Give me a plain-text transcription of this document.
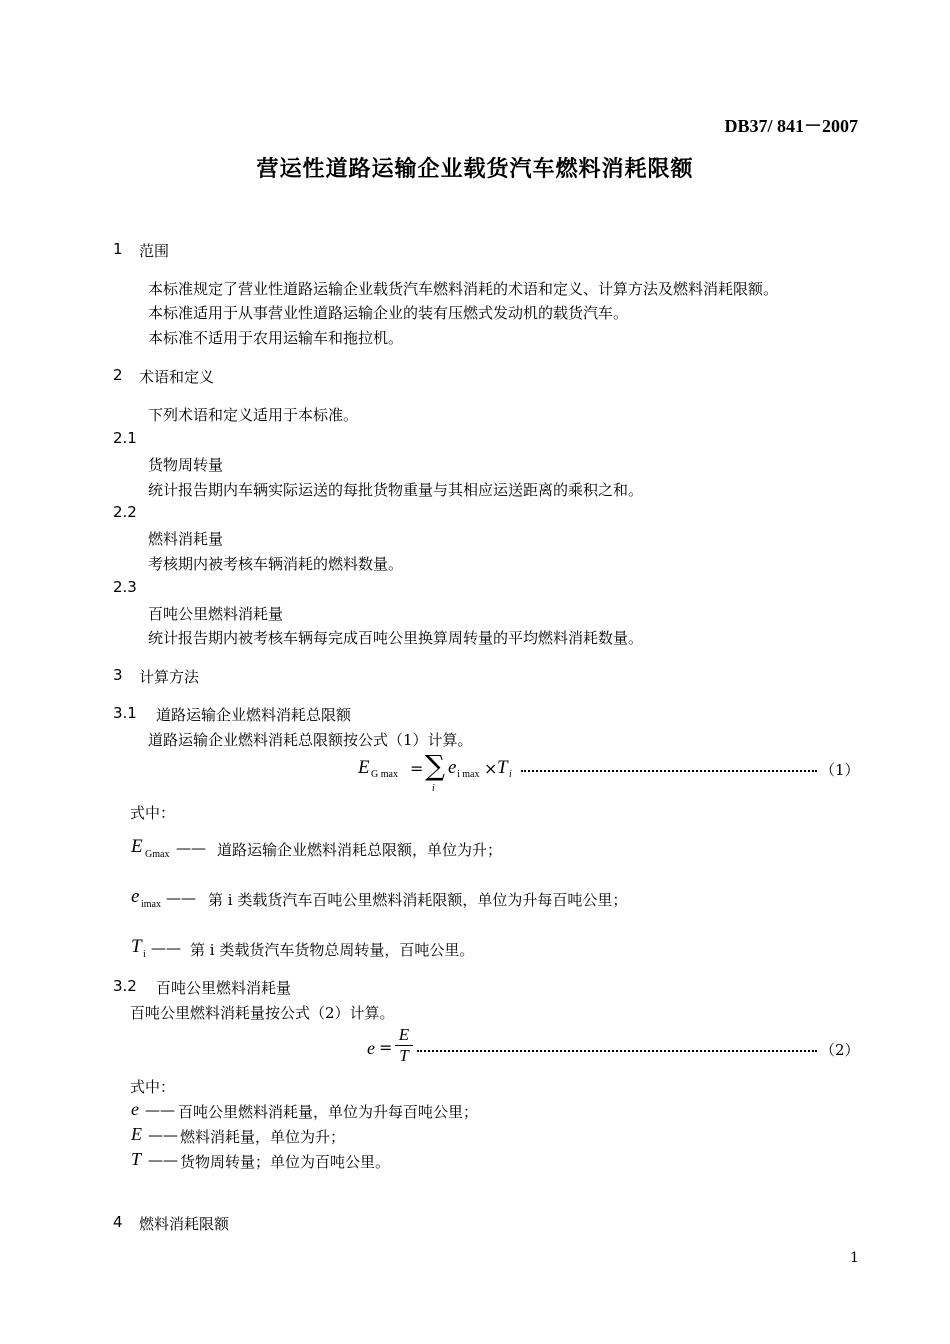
DB37/ 841－2007
营运性道路运输企业载货汽车燃料消耗限额
1 范围
本标准规定了营业性道路运输企业载货汽车燃料消耗的术语和定义、计算方法及燃料消耗限额。
本标准适用于从事营业性道路运输企业的装有压燃式发动机的载货汽车。
本标准不适用于农用运输车和拖拉机。
2 术语和定义
下列术语和定义适用于本标准。
2.1
货物周转量
统计报告期内车辆实际运送的每批货物重量与其相应运送距离的乘积之和。
2.2
燃料消耗量
考核期内被考核车辆消耗的燃料数量。
2.3
百吨公里燃料消耗量
统计报告期内被考核车辆每完成百吨公里换算周转量的平均燃料消耗数量。
3 计算方法
3.1 道路运输企业燃料消耗总限额
道路运输企业燃料消耗总限额按公式（1）计算。
E G max = ∑
i
e i max × T i	（1）
式中：
E Gmax —— 道路运输企业燃料消耗总限额，单位为升；
e imax —— 第 i 类载货汽车百吨公里燃料消耗限额，单位为升每百吨公里；
T i —— 第 i 类载货汽车货物总周转量，百吨公里。
3.2 百吨公里燃料消耗量
百吨公里燃料消耗量按公式（2）计算。
e =
E
T	（2）
式中：
e —— 百吨公里燃料消耗量，单位为升每百吨公里；
E —— 燃料消耗量，单位为升；
T —— 货物周转量；单位为百吨公里。
4 燃料消耗限额
1
